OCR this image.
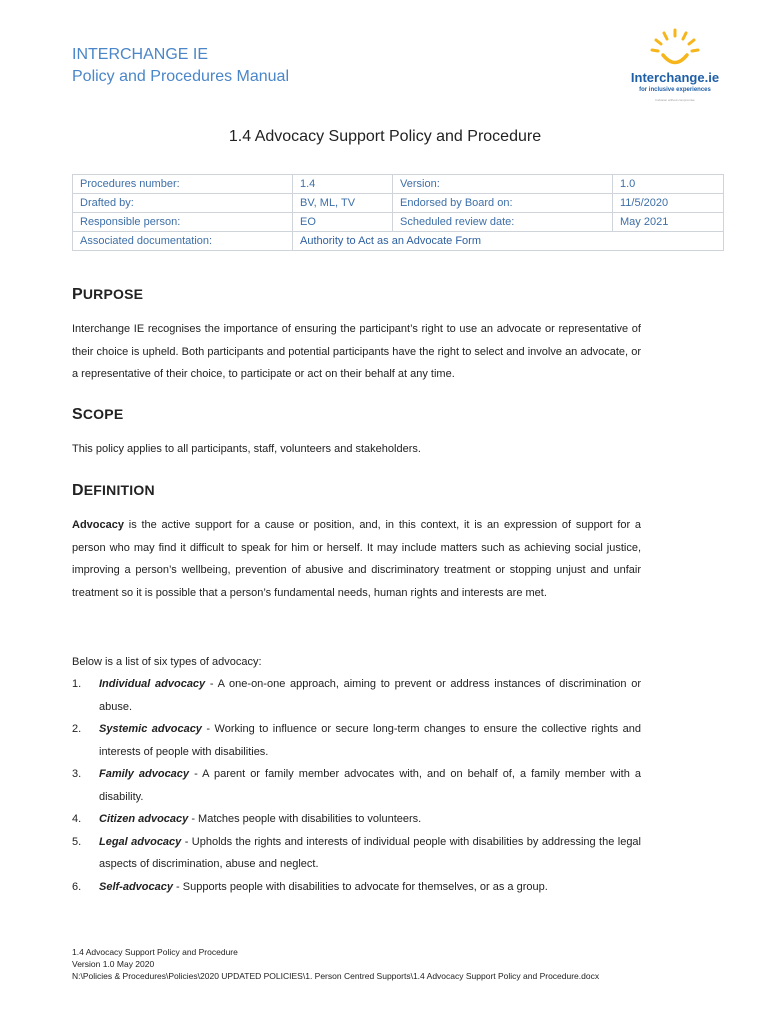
INTERCHANGE IE
Policy and Procedures Manual	Interchange.ie
for inclusive experiences
Inclusion without compromise
1.4 Advocacy Support Policy and Procedure
Procedures number:	1.4	Version:	1.0
Drafted by:	BV, ML, TV	Endorsed by Board on:	11/5/2020
Responsible person:	EO	Scheduled review date:	May 2021
Associated documentation:	Authority to Act as an Advocate Form		
PURPOSE
Interchange IE recognises the importance of ensuring the participant’s right to use an advocate or representative of their choice is upheld. Both participants and potential participants have the right to select and involve an advocate, or a representative of their choice, to participate or act on their behalf at any time.
SCOPE
This policy applies to all participants, staff, volunteers and stakeholders.
DEFINITION
Advocacy is the active support for a cause or position, and, in this context, it is an expression of support for a person who may find it difficult to speak for him or herself. It may include matters such as achieving social justice, improving a person’s wellbeing, prevention of abusive and discriminatory treatment or stopping unjust and unfair treatment so it is possible that a person’s fundamental needs, human rights and interests are met.
Below is a list of six types of advocacy:
1. Individual advocacy - A one-on-one approach, aiming to prevent or address instances of discrimination or abuse.
2. Systemic advocacy - Working to influence or secure long-term changes to ensure the collective rights and interests of people with disabilities.
3. Family advocacy - A parent or family member advocates with, and on behalf of, a family member with a disability.
4. Citizen advocacy - Matches people with disabilities to volunteers.
5. Legal advocacy - Upholds the rights and interests of individual people with disabilities by addressing the legal aspects of discrimination, abuse and neglect.
6. Self-advocacy - Supports people with disabilities to advocate for themselves, or as a group.
1.4 Advocacy Support Policy and Procedure
Version 1.0 May 2020
N:\Policies & Procedures\Policies\2020 UPDATED POLICIES\1. Person Centred Supports\1.4 Advocacy Support Policy and Procedure.docx
